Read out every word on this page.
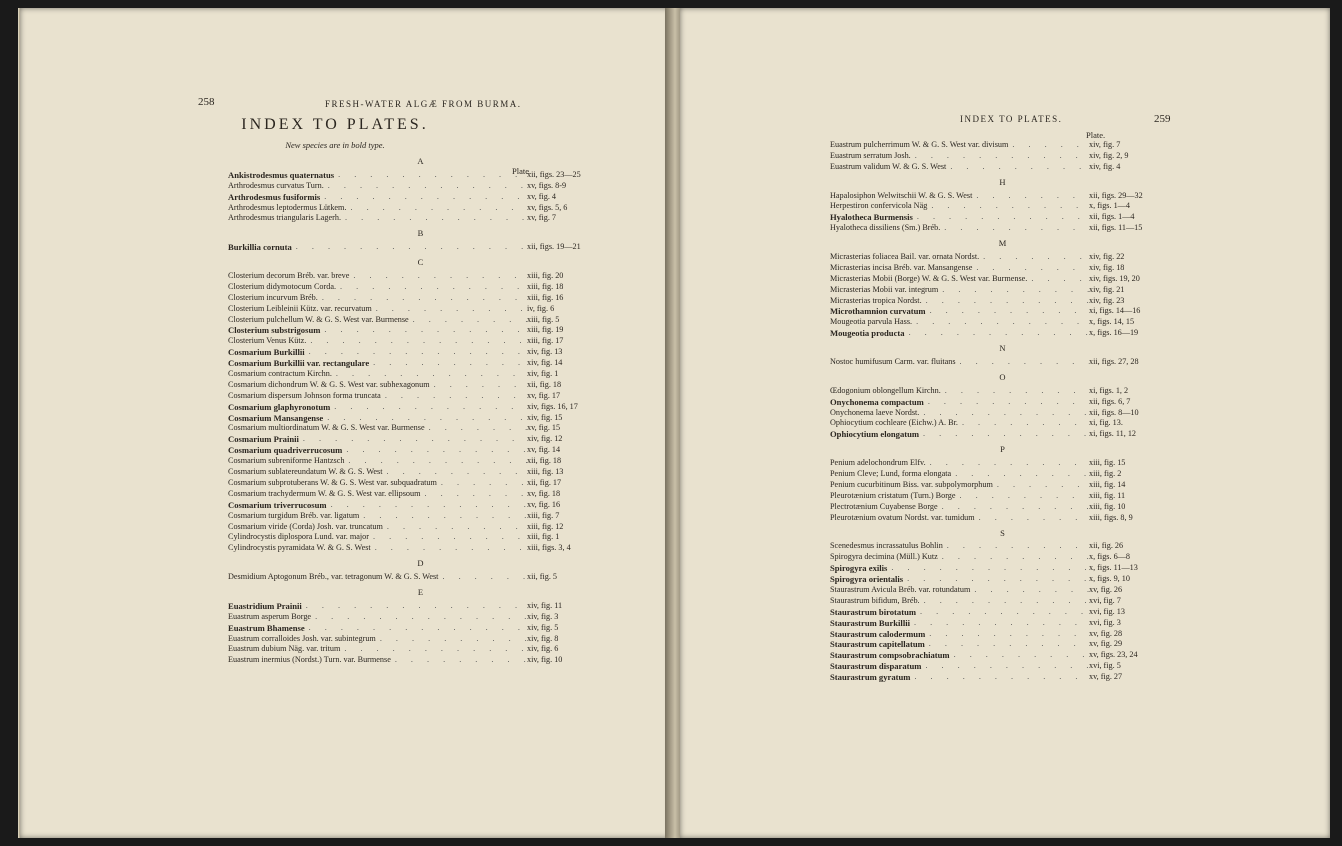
258	FRESH-WATER ALGÆ FROM BURMA.
INDEX TO PLATES.
New species are in bold type.
Plate.
A
Ankistrodesmus quaternatus . . .	xii, figs. 23—25
Arthrodesmus curvatus Turn. . . .	xv, figs. 8-9
Arthrodesmus fusiformis . . .	xv, fig. 4
Arthrodesmus leptodermus Lütkem. . . .	xv, figs. 5, 6
Arthrodesmus triangularis Lagerh. . . .	xv, fig. 7
B
Burkillia cornuta . . .	xii, figs. 19—21
C
Closterium decorum Bréb. var. breve . . .	xiii, fig. 20
Closterium didymotocum Corda. . . .	xiii, fig. 18
Closterium incurvum Bréb. . . .	xiii, fig. 16
Closterium Leibleinii Kütz. var. recurvatum . . .	iv, fig. 6
Closterium pulchellum W. & G. S. West var. Burmense . . .	xiii, fig. 5
Closterium substrigosum . . .	xiii, fig. 19
Closterium Venus Kütz. . . .	xiii, fig. 17
Cosmarium Burkillii . . .	xiv, fig. 13
Cosmarium Burkillii var. rectangulare . . .	xiv, fig. 14
Cosmarium contractum Kirchn. . . .	xiv, fig. 1
Cosmarium dichondrum W. & G. S. West var. subhexagonum . . .	xii, fig. 18
Cosmarium dispersum Johnson forma truncata . . .	xv, fig. 17
Cosmarium glaphyronotum . . .	xiv, figs. 16, 17
Cosmarium Mansangense . . .	xiv, fig. 15
Cosmarium multiordinatum W. & G. S. West var. Burmense . . .	xv, fig. 15
Cosmarium Prainii . . .	xiv, fig. 12
Cosmarium quadriverrucosum . . .	xv, fig. 14
Cosmarium subreniforme Hantzsch . . .	xii, fig. 18
Cosmarium sublatereundatum W. & G. S. West . . .	xiii, fig. 13
Cosmarium subprotuberans W. & G. S. West var. subquadratum . . .	xii, fig. 17
Cosmarium trachydermum W. & G. S. West var. ellipsoum . . .	xv, fig. 18
Cosmarium triverrucosum . . .	xv, fig. 16
Cosmarium turgidum Bréb. var. ligatum . . .	xiii, fig. 7
Cosmarium viride (Corda) Josh. var. truncatum . . .	xiii, fig. 12
Cylindrocystis diplospora Lund. var. major . . .	xiii, fig. 1
Cylindrocystis pyramidata W. & G. S. West . . .	xiii, figs. 3, 4
D
Desmidium Aptogonum Bréb., var. tetragonum W. & G. S. West . . .	xii, fig. 5
E
Euastridium Prainii . . .	xiv, fig. 11
Euastrum asperum Borge . . .	xiv, fig. 3
Euastrum Bhamense . . .	xiv, fig. 5
Euastrum corralloides Josh. var. subintegrum . . .	xiv, fig. 8
Euastrum dubium Näg. var. tritum . . .	xiv, fig. 6
Euastrum inermius (Nordst.) Turn. var. Burmense . . .	xiv, fig. 10
INDEX TO PLATES.	259
Plate.
Euastrum pulcherrimum W. & G. S. West var. divisum . . .	xiv, fig. 7
Euastrum serratum Josh. . . .	xiv, fig. 2, 9
Euastrum validum W. & G. S. West . . .	xiv, fig. 4
H
Hapalosiphon Welwitschii W. & G. S. West . . .	xii, figs. 29—32
Herpestiron confervicola Näg . . .	x, figs. 1—4
Hyalotheca Burmensis . . .	xii, figs. 1—4
Hyalotheca dissiliens (Sm.) Bréb. . . .	xii, figs. 11—15
M
Micrasterias foliacea Bail. var. ornata Nordst. . . .	xiv, fig. 22
Micrasterias incisa Bréb. var. Mansangense . . .	xiv, fig. 18
Micrasterias Mobii (Borge) W. & G. S. West var. Burmense. . . .	xiv, figs. 19, 20
Micrasterias Mobii var. integrum . . .	xiv, fig. 21
Micrasterias tropica Nordst. . . .	xiv, fig. 23
Microthamnion curvatum . . .	xi, figs. 14—16
Mougeotia parvula Hass. . . .	x, figs. 14, 15
Mougeotia producta . . .	x, figs. 16—19
N
Nostoc humifusum Carm. var. fluitans . . .	xii, figs. 27, 28
O
Œdogonium oblongellum Kirchn. . . .	xi, figs. 1, 2
Onychonema compactum . . .	xii, figs. 6, 7
Onychonema laeve Nordst. . . .	xii, figs. 8—10
Ophiocytium cochleare (Eichw.) A. Br. . . .	xi, fig. 13.
Ophiocytium elongatum . . .	xi, figs. 11, 12
P
Penium adelochondrum Elfv. . . .	xiii, fig. 15
Penium Cleve; Lund, forma elongata . . .	xiii, fig. 2
Penium cucurbitinum Biss. var. subpolymorphum . . .	xiii, fig. 14
Pleurotænium cristatum (Turn.) Borge . . .	xiii, fig. 11
Plectrotænium Cuyabense Borge . . .	xiii, fig. 10
Pleurotænium ovatum Nordst. var. tumidum . . .	xiii, figs. 8, 9
S
Scenedesmus incrassatulus Bohlin . . .	xii, fig. 26
Spirogyra decimina (Müll.) Kutz . . .	x, figs. 6—8
Spirogyra exilis . . .	x, figs. 11—13
Spirogyra orientalis . . .	x, figs. 9, 10
Staurastrum Avicula Bréb. var. rotundatum . . .	xv, fig. 26
Staurastrum bifidum, Bréb. . . .	xvi, fig. 7
Staurastrum birotatum . . .	xvi, fig. 13
Staurastrum Burkillii . . .	xvi, fig. 3
Staurastrum calodermum . . .	xv, fig. 28
Staurastrum capitellatum . . .	xv, fig. 29
Staurastrum compsobrachiatum . . .	xv, figs. 23, 24
Staurastrum disparatum . . .	xvi, fig. 5
Staurastrum gyratum . . .	xv, fig. 27
